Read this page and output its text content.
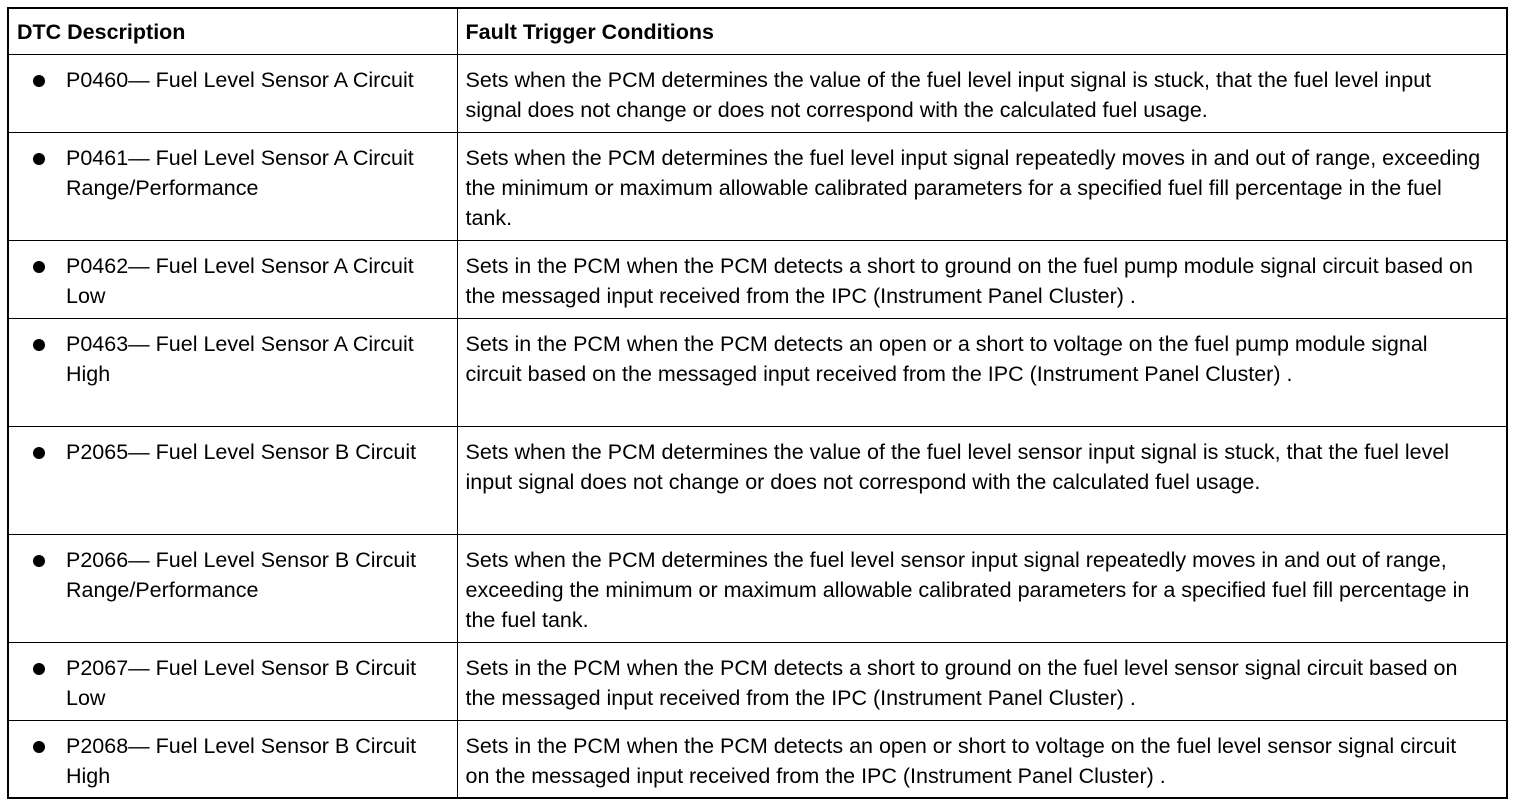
DTC Description	Fault Trigger Conditions

P0460— Fuel Level Sensor A Circuit	Sets when the PCM determines the value of the fuel level input signal is stuck, that the fuel level input signal does not change or does not correspond with the calculated fuel usage.

P0461— Fuel Level Sensor A Circuit Range/Performance	Sets when the PCM determines the fuel level input signal repeatedly moves in and out of range, exceeding the minimum or maximum allowable calibrated parameters for a specified fuel fill percentage in the fuel tank.

P0462— Fuel Level Sensor A Circuit Low	Sets in the PCM when the PCM detects a short to ground on the fuel pump module signal circuit based on the messaged input received from the IPC (Instrument Panel Cluster) .

P0463— Fuel Level Sensor A Circuit High	Sets in the PCM when the PCM detects an open or a short to voltage on the fuel pump module signal circuit based on the messaged input received from the IPC (Instrument Panel Cluster) .

P2065— Fuel Level Sensor B Circuit	Sets when the PCM determines the value of the fuel level sensor input signal is stuck, that the fuel level input signal does not change or does not correspond with the calculated fuel usage.

P2066— Fuel Level Sensor B Circuit Range/Performance	Sets when the PCM determines the fuel level sensor input signal repeatedly moves in and out of range, exceeding the minimum or maximum allowable calibrated parameters for a specified fuel fill percentage in the fuel tank.

P2067— Fuel Level Sensor B Circuit Low	Sets in the PCM when the PCM detects a short to ground on the fuel level sensor signal circuit based on the messaged input received from the IPC (Instrument Panel Cluster) .

P2068— Fuel Level Sensor B Circuit High	Sets in the PCM when the PCM detects an open or short to voltage on the fuel level sensor signal circuit on the messaged input received from the IPC (Instrument Panel Cluster) .
